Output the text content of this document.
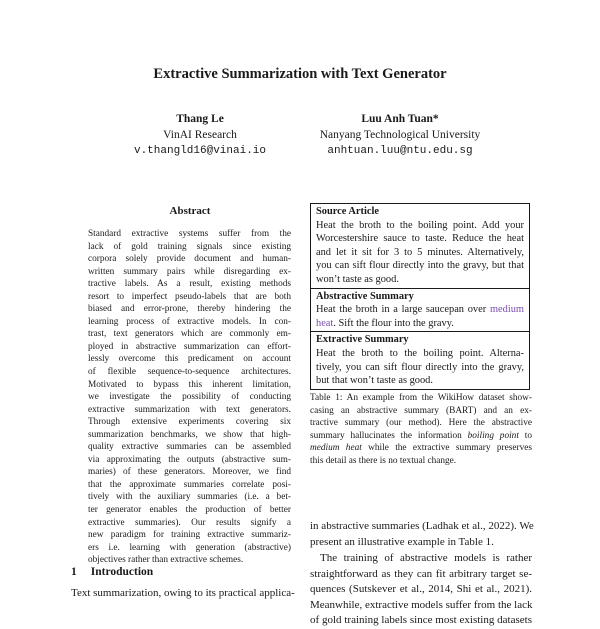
Extractive Summarization with Text Generator
Thang Le
VinAI Research
v.thangld16@vinai.io
Luu Anh Tuan*
Nanyang Technological University
anhtuan.luu@ntu.edu.sg
Abstract
Standard extractive systems suffer from the
lack of gold training signals since existing
corpora solely provide document and human-
written summary pairs while disregarding ex-
tractive labels. As a result, existing methods
resort to imperfect pseudo-labels that are both
biased and error-prone, thereby hindering the
learning process of extractive models. In con-
trast, text generators which are commonly em-
ployed in abstractive summarization can effort-
lessly overcome this predicament on account
of flexible sequence-to-sequence architectures.
Motivated to bypass this inherent limitation,
we investigate the possibility of conducting
extractive summarization with text generators.
Through extensive experiments covering six
summarization benchmarks, we show that high-
quality extractive summaries can be assembled
via approximating the outputs (abstractive sum-
maries) of these generators. Moreover, we find
that the approximate summaries correlate posi-
tively with the auxiliary summaries (i.e. a bet-
ter generator enables the production of better
extractive summaries). Our results signify a
new paradigm for training extractive summariz-
ers i.e. learning with generation (abstractive)
objectives rather than extractive schemes.
1 Introduction
Text summarization, owing to its practical applica-
Source Article
Heat the broth to the boiling point. Add your
Worcestershire sauce to taste. Reduce the heat
and let it sit for 3 to 5 minutes. Alternatively,
you can sift flour directly into the gravy, but that
won’t taste as good.
Abstractive Summary
Heat the broth in a large saucepan over medium
heat. Sift the flour into the gravy.
Extractive Summary
Heat the broth to the boiling point. Alterna-
tively, you can sift flour directly into the gravy,
but that won’t taste as good.
Table 1: An example from the WikiHow dataset show-
casing an abstractive summary (BART) and an ex-
tractive summary (our method). Here the abstractive
summary hallucinates the information boiling point to
medium heat while the extractive summary preserves
this detail as there is no textual change.
in abstractive summaries (Ladhak et al., 2022). We
present an illustrative example in Table 1.
The training of abstractive models is rather
straightforward as they can fit arbitrary target se-
quences (Sutskever et al., 2014, Shi et al., 2021).
Meanwhile, extractive models suffer from the lack
of gold training labels since most existing datasets
